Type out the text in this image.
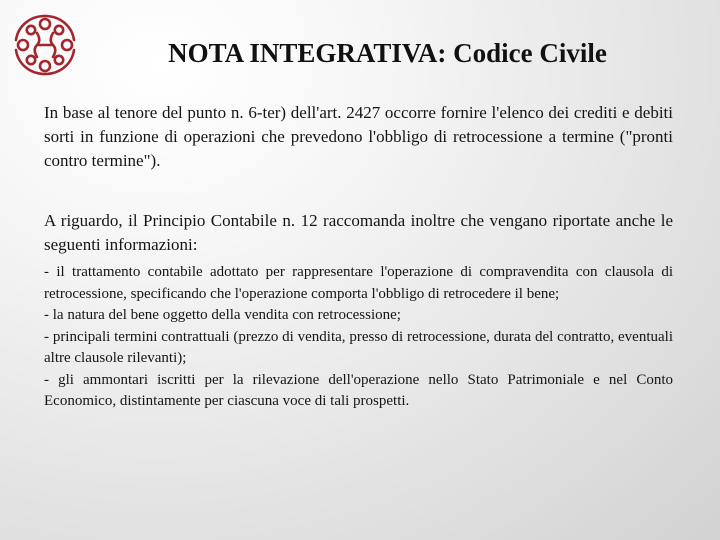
NOTA INTEGRATIVA: Codice Civile
In base al tenore del punto n. 6-ter) dell'art. 2427 occorre fornire l'elenco dei crediti e debiti sorti in funzione di operazioni che prevedono l'obbligo di retrocessione a termine ("pronti contro termine").
A riguardo, il Principio Contabile n. 12 raccomanda inoltre che vengano riportate anche le seguenti informazioni:
- il trattamento contabile adottato per rappresentare l'operazione di compravendita con clausola di retrocessione, specificando che l'operazione comporta l'obbligo di retrocedere il bene;
- la natura del bene oggetto della vendita con retrocessione;
- principali termini contrattuali (prezzo di vendita, presso di retrocessione, durata del contratto, eventuali altre clausole rilevanti);
- gli ammontari iscritti per la rilevazione dell'operazione nello Stato Patrimoniale e nel Conto Economico, distintamente per ciascuna voce di tali prospetti.
